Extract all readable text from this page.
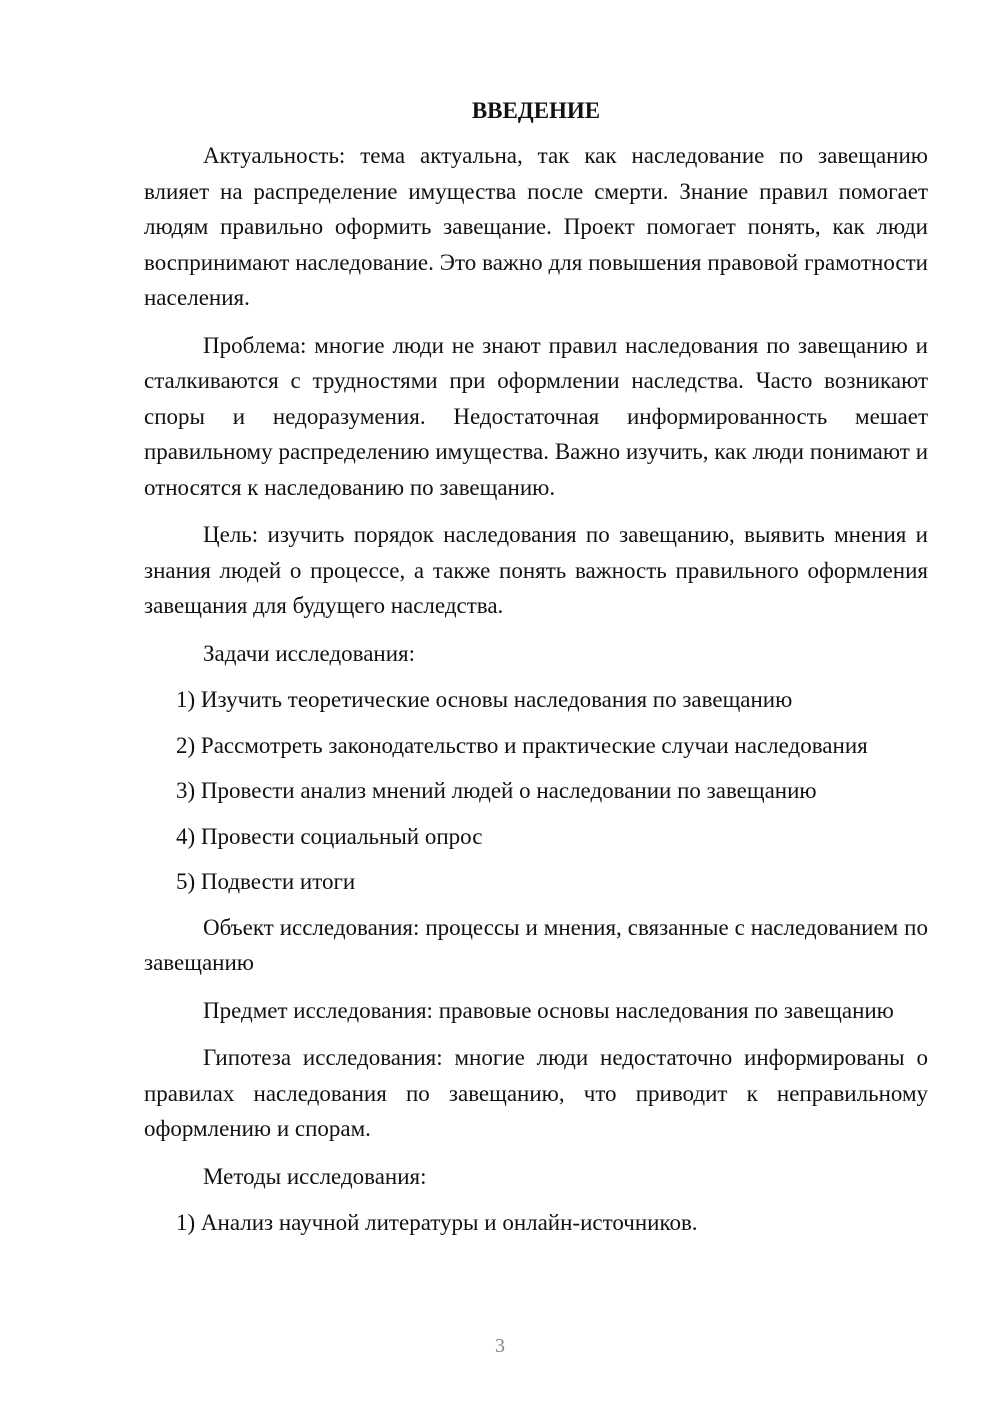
ВВЕДЕНИЕ

Актуальность: тема актуальна, так как наследование по завещанию влияет на распределение имущества после смерти. Знание правил помогает людям правильно оформить завещание. Проект помогает понять, как люди воспринимают наследование. Это важно для повышения правовой грамотности населения.

Проблема: многие люди не знают правил наследования по завещанию и сталкиваются с трудностями при оформлении наследства. Часто возникают споры и недоразумения. Недостаточная информированность мешает правильному распределению имущества. Важно изучить, как люди понимают и относятся к наследованию по завещанию.

Цель: изучить порядок наследования по завещанию, выявить мнения и знания людей о процессе, а также понять важность правильного оформления завещания для будущего наследства.

Задачи исследования:

1) Изучить теоретические основы наследования по завещанию
2) Рассмотреть законодательство и практические случаи наследования
3) Провести анализ мнений людей о наследовании по завещанию
4) Провести социальный опрос
5) Подвести итоги

Объект исследования: процессы и мнения, связанные с наследованием по завещанию

Предмет исследования: правовые основы наследования по завещанию

Гипотеза исследования: многие люди недостаточно информированы о правилах наследования по завещанию, что приводит к неправильному оформлению и спорам.

Методы исследования:

1) Анализ научной литературы и онлайн-источников.
3
